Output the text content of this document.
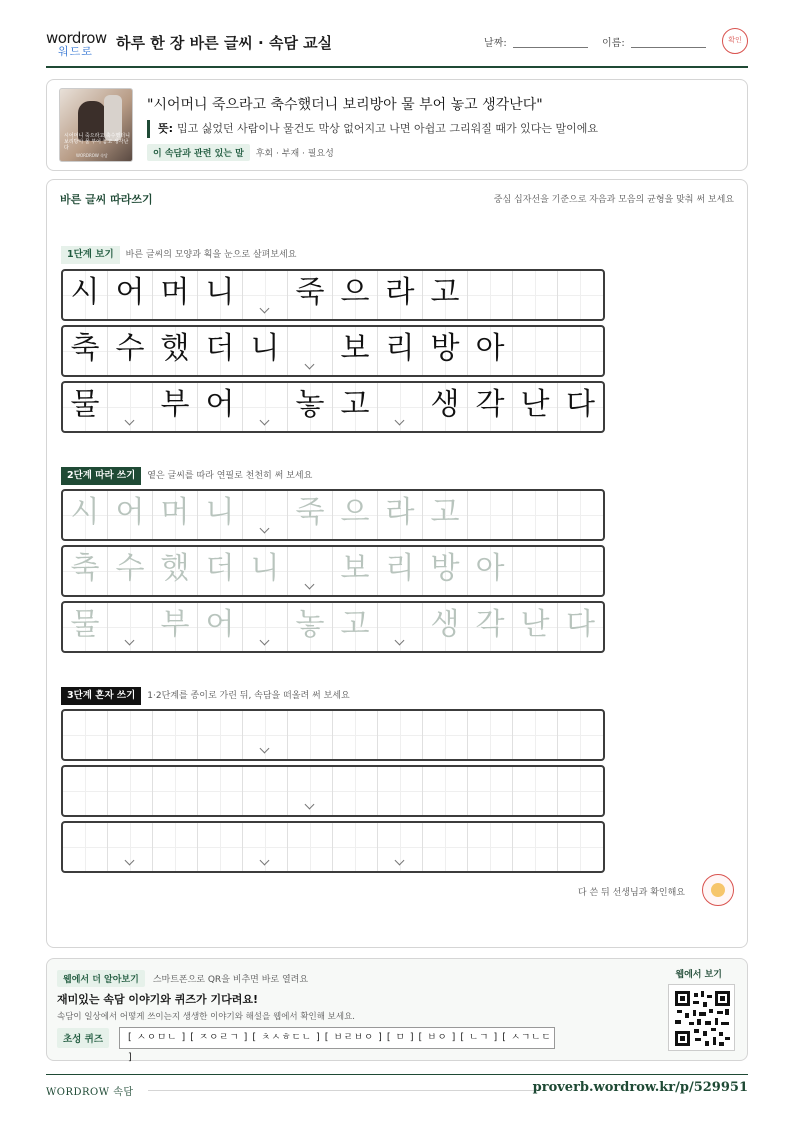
wordrow
워드로	하루 한 장 바른 글씨 · 속담 교실	날짜:	이름:	확인
시어머니 죽으라고 축수했더니 보리방아 물 부어 놓고 생각난다
WORDROW 속담
"시어머니 죽으라고 축수했더니 보리방아 물 부어 놓고 생각난다"
뜻: 밉고 싫었던 사람이나 물건도 막상 없어지고 나면 아쉽고 그리워질 때가 있다는 말이에요
이 속담과 관련 있는 말 후회 · 부재 · 필요성
바른 글씨 따라쓰기	중심 십자선을 기준으로 자음과 모음의 균형을 맞춰 써 보세요
1단계 보기 바른 글씨의 모양과 획을 눈으로 살펴보세요
시 어 머 니 죽 으 라 고
축 수 했 더 니 보 리 방 아
물 부 어 놓 고 생 각 난 다
2단계 따라 쓰기 옅은 글씨를 따라 연필로 천천히 써 보세요
시 어 머 니 죽 으 라 고
축 수 했 더 니 보 리 방 아
물 부 어 놓 고 생 각 난 다
3단계 혼자 쓰기 1·2단계를 종이로 가린 뒤, 속담을 떠올려 써 보세요
다 쓴 뒤 선생님과 확인해요
웹에서 더 알아보기 스마트폰으로 QR을 비추면 바로 열려요
재미있는 속담 이야기와 퀴즈가 기다려요!
속담이 일상에서 어떻게 쓰이는지 생생한 이야기와 해설을 웹에서 확인해 보세요.
초성 퀴즈	[ ㅅㅇㅁㄴ ] [ ㅈㅇㄹㄱ ] [ ㅊㅅㅎㄷㄴ ] [ ㅂㄹㅂㅇ ] [ ㅁ ] [ ㅂㅇ ] [ ㄴㄱ ] [ ㅅㄱㄴㄷ ]
웹에서 보기
WORDROW 속담	proverb.wordrow.kr/p/529951
